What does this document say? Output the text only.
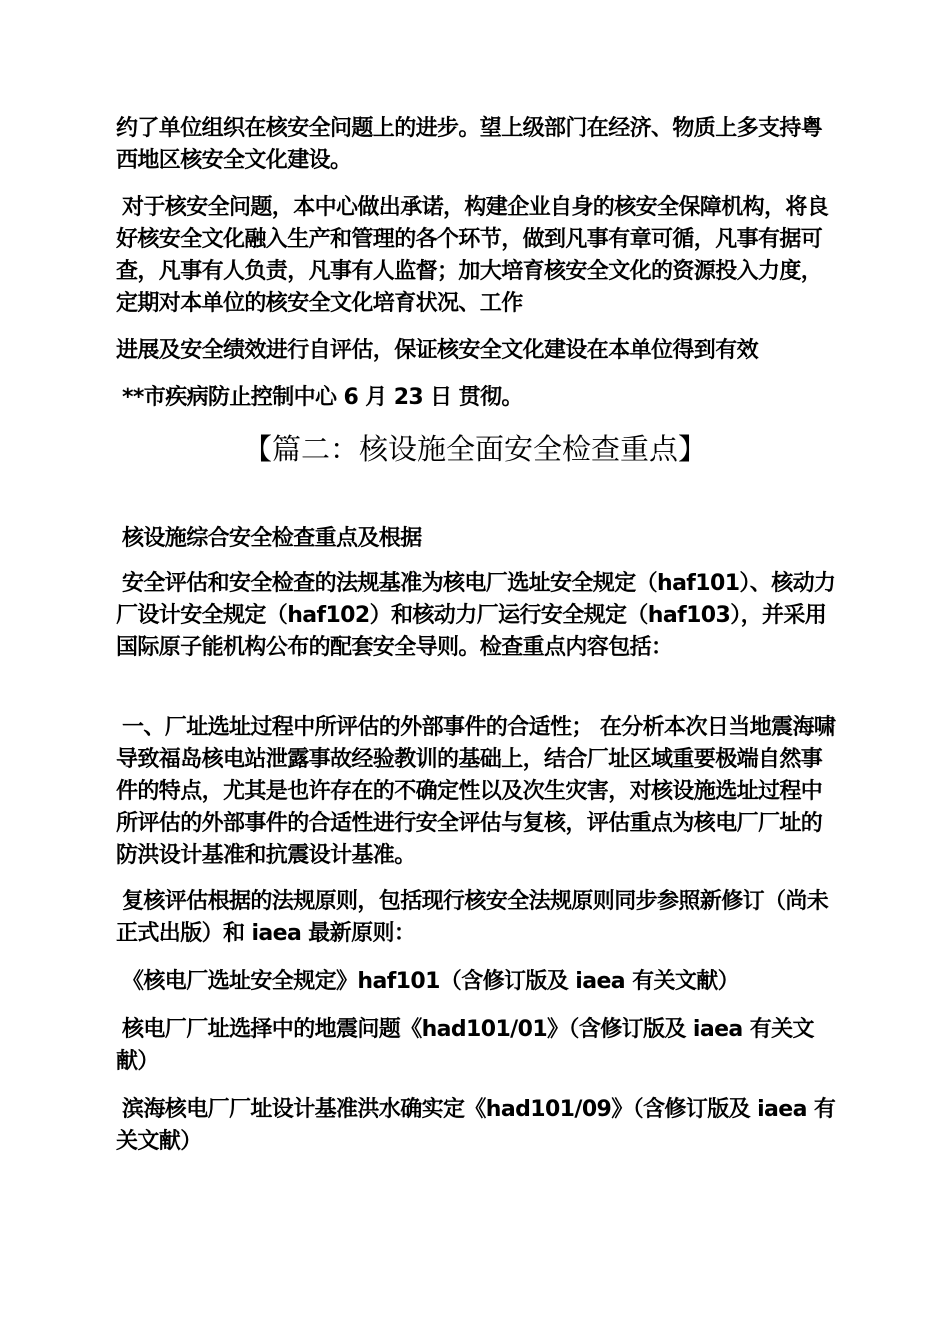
约了单位组织在核安全问题上的进步。望上级部门在经济、物质上多支持粤西地区核安全文化建设。

对于核安全问题，本中心做出承诺，构建企业自身的核安全保障机构，将良好核安全文化融入生产和管理的各个环节，做到凡事有章可循，凡事有据可查，凡事有人负责，凡事有人监督；加大培育核安全文化的资源投入力度，定期对本单位的核安全文化培育状况、工作

进展及安全绩效进行自评估，保证核安全文化建设在本单位得到有效

**市疾病防止控制中心 6 月 23 日 贯彻。

【篇二：核设施全面安全检查重点】

核设施综合安全检查重点及根据

安全评估和安全检查的法规基准为核电厂选址安全规定（haf101）、核动力厂设计安全规定（haf102）和核动力厂运行安全规定（haf103），并采用国际原子能机构公布的配套安全导则。检查重点内容包括：

一、厂址选址过程中所评估的外部事件的合适性； 在分析本次日当地震海啸导致福岛核电站泄露事故经验教训的基础上，结合厂址区域重要极端自然事件的特点，尤其是也许存在的不确定性以及次生灾害，对核设施选址过程中所评估的外部事件的合适性进行安全评估与复核，评估重点为核电厂厂址的防洪设计基准和抗震设计基准。

复核评估根据的法规原则，包括现行核安全法规原则同步参照新修订（尚未正式出版）和 iaea 最新原则：

《核电厂选址安全规定》haf101（含修订版及 iaea 有关文献）

核电厂厂址选择中的地震问题《had101/01》（含修订版及 iaea 有关文献）

滨海核电厂厂址设计基准洪水确实定《had101/09》（含修订版及 iaea 有关文献）
